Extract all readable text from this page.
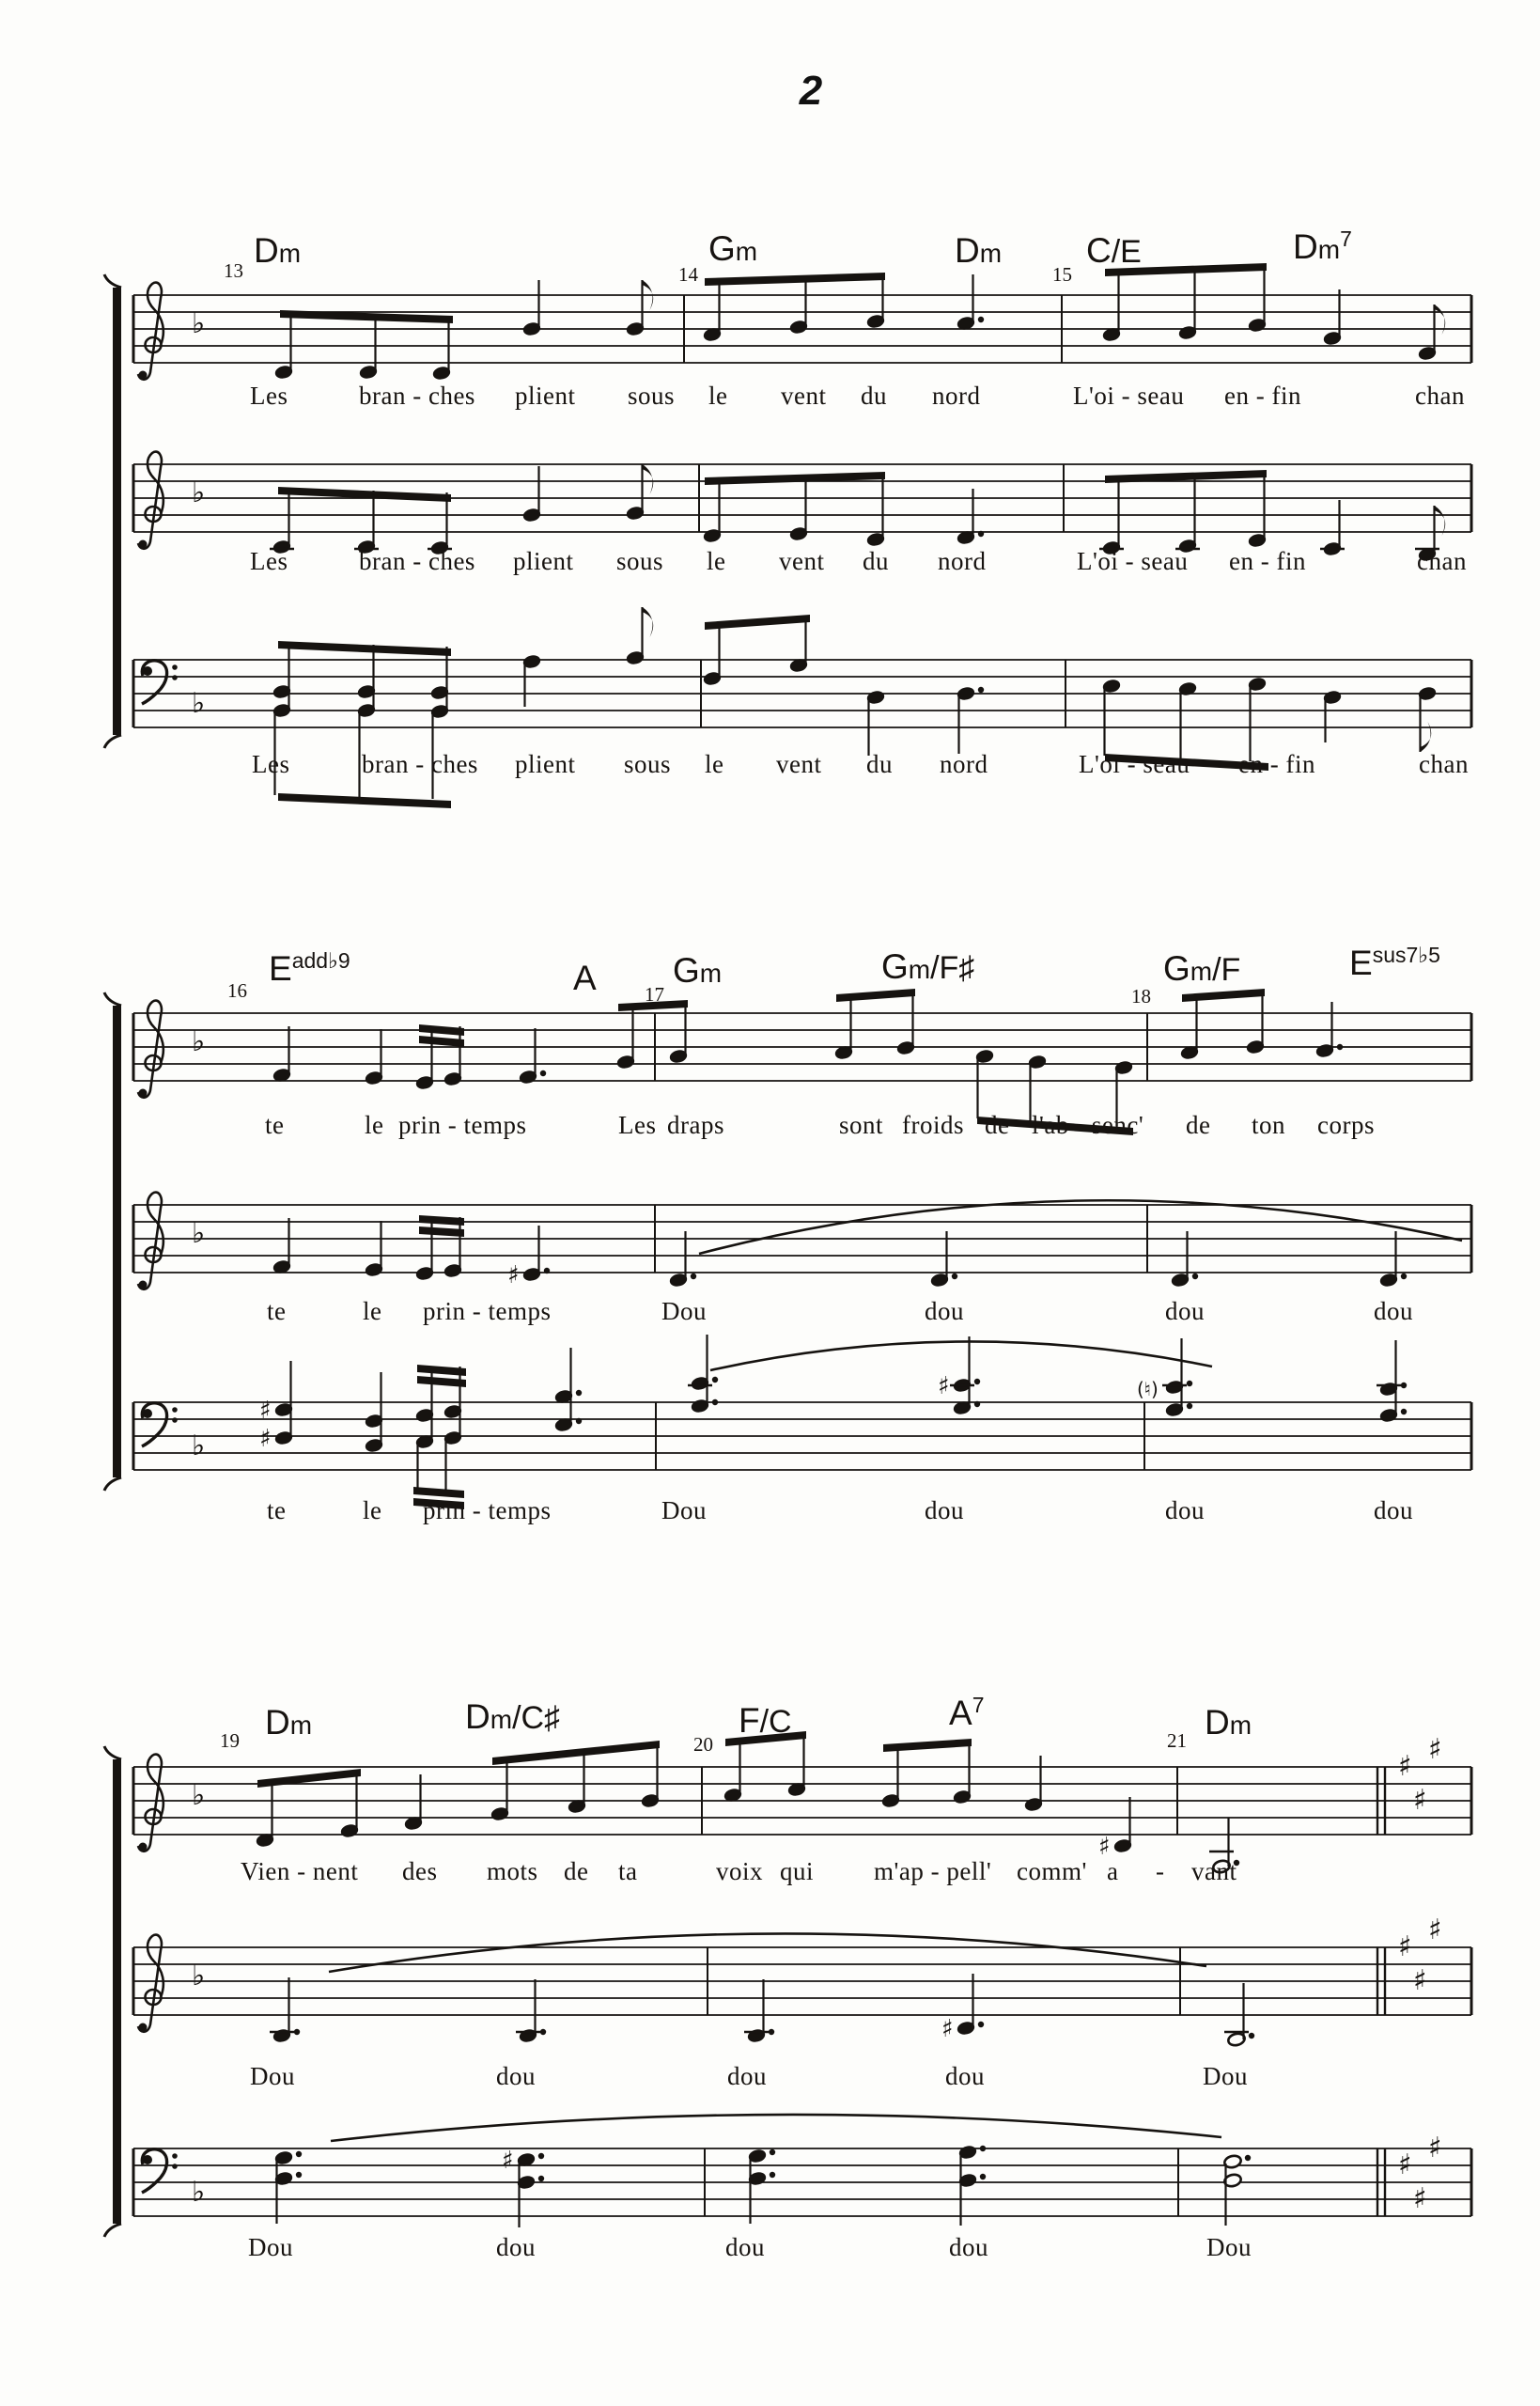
2
♭
♭
♭
♭
♭
♯
♭
♯
♯
♯	(♮)
♭
♯
♯
♯
♯
♭
♯
♯
♯
♯
♭
♯
♯
♯
♯
13	14	15
Dm	Gm	Dm C/E	Dm7
Les	bran - ches plient sous le vent du nord	L'oi - seau en - fin	chan
Les	bran - ches plient sous le vent du nord	L'oi - seau en - fin	chan
Les	bran - ches plient sous le vent du nord	L'oi - seau en - fin	chan
16	17	18
Eadd♭9	A Gm	Gm/F♯	Gm/F	Esus7♭5
te	le prin - temps	Les draps	sont froids de l'ab - senc' de ton corps
te	le prin - temps	Dou	dou	dou	dou
te	le prin - temps	Dou	dou	dou	dou
19	20	21
Dm	Dm/C♯	F/C	A7	Dm
Vien - nent des mots de ta	voix qui m'ap - pell' comm' a - vant
Dou	dou	dou	dou	Dou
Dou	dou	dou	dou	Dou
